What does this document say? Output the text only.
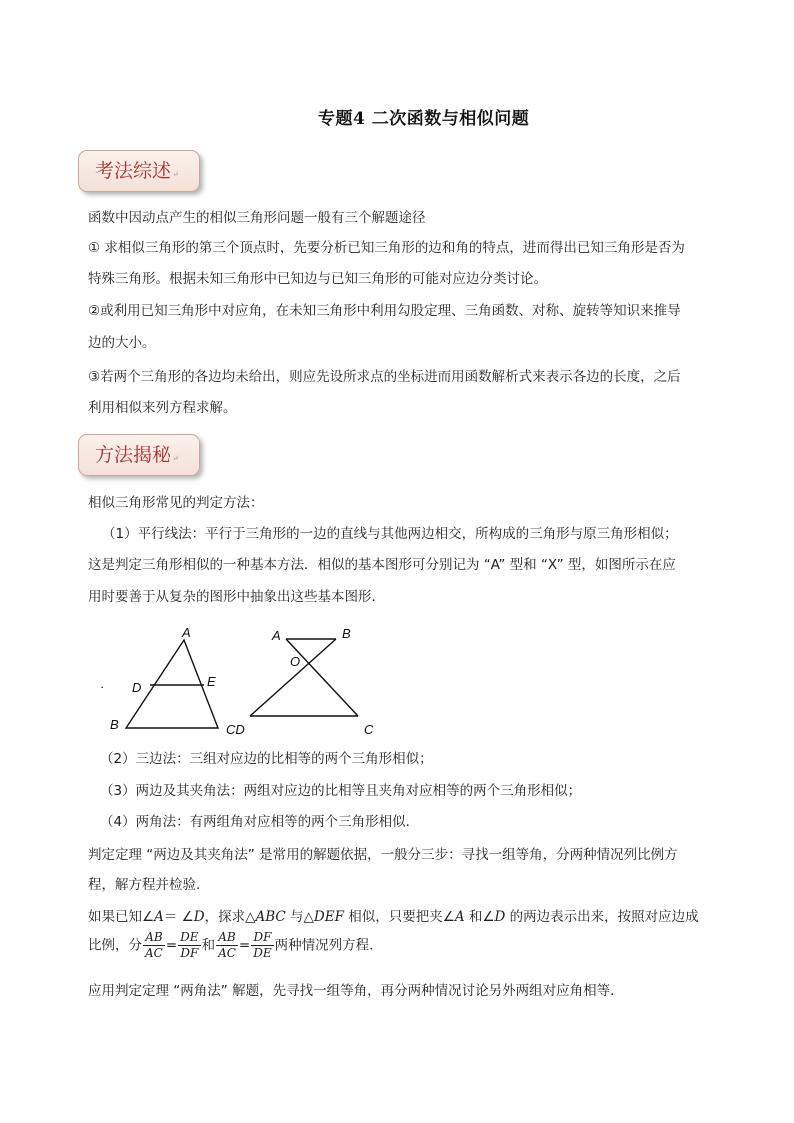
专题4 二次函数与相似问题
考法综述↵
函数中因动点产生的相似三角形问题一般有三个解题途径
① 求相似三角形的第三个顶点时，先要分析已知三角形的边和角的特点，进而得出已知三角形是否为
特殊三角形。根据未知三角形中已知边与已知三角形的可能对应边分类讨论。
②或利用已知三角形中对应角，在未知三角形中利用勾股定理、三角函数、对称、旋转等知识来推导
边的大小。
③若两个三角形的各边均未给出，则应先设所求点的坐标进而用函数解析式来表示各边的长度，之后
利用相似来列方程求解。
方法揭秘↵
相似三角形常见的判定方法：
（1）平行线法：平行于三角形的一边的直线与其他两边相交，所构成的三角形与原三角形相似；
这是判定三角形相似的一种基本方法．相似的基本图形可分别记为 “A” 型和 “X” 型，如图所示在应
用时要善于从复杂的图形中抽象出这些基本图形．
A
D	E
B
.
A	B
O
CD	C
（2）三边法：三组对应边的比相等的两个三角形相似；
（3）两边及其夹角法：两组对应边的比相等且夹角对应相等的两个三角形相似；
（4）两角法：有两组角对应相等的两个三角形相似．
判定定理 “两边及其夹角法” 是常用的解题依据，一般分三步：寻找一组等角，分两种情况列比例方
程，解方程并检验．
如果已知∠A＝ ∠D，探求△ABC 与△DEF 相似，只要把夹∠A 和∠D 的两边表示出来，按照对应边成
比例，分 $\frac{AB}{AC} = \frac{DE}{DF}$ 和 $\frac{AB}{AC} = \frac{DF}{DE}$ 两种情况列方程．
应用判定定理 “两角法” 解题，先寻找一组等角，再分两种情况讨论另外两组对应角相等．
